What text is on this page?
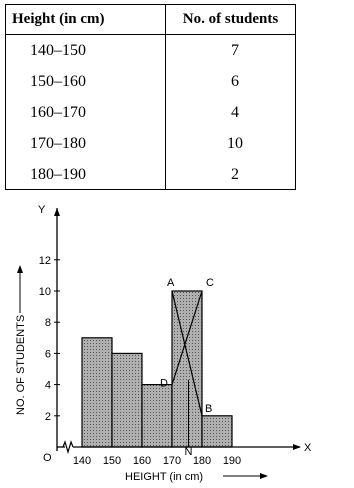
Height (in cm)	No. of students
140–150	7
150–160	6
160–170	4
170–180	10
180–190	2
2
4
6
8
10
12
140 150 160 170 180 190
A	C
D
B
N
Y
X
O
HEIGHT (in cm)
NO. OF STUDENTS
